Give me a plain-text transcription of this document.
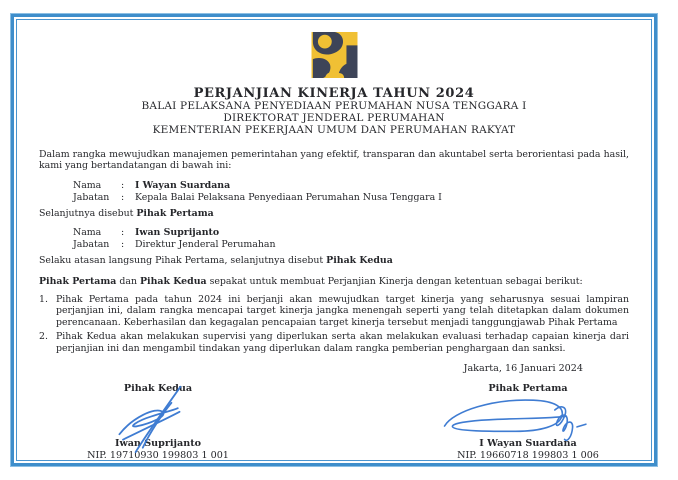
PERJANJIAN KINERJA TAHUN 2024
BALAI PELAKSANA PENYEDIAAN PERUMAHAN NUSA TENGGARA I
DIREKTORAT JENDERAL PERUMAHAN
KEMENTERIAN PEKERJAAN UMUM DAN PERUMAHAN RAKYAT
Dalam rangka mewujudkan manajemen pemerintahan yang efektif, transparan dan akuntabel serta berorientasi pada hasil, kami yang bertandatangan di bawah ini:
Nama	:	I Wayan Suardana
Jabatan	:	Kepala Balai Pelaksana Penyediaan Perumahan Nusa Tenggara I
Selanjutnya disebut Pihak Pertama
Nama	:	Iwan Suprijanto
Jabatan	:	Direktur Jenderal Perumahan
Selaku atasan langsung Pihak Pertama, selanjutnya disebut Pihak Kedua
Pihak Pertama dan Pihak Kedua sepakat untuk membuat Perjanjian Kinerja dengan ketentuan sebagai berikut:
1. Pihak Pertama pada tahun 2024 ini berjanji akan mewujudkan target kinerja yang seharusnya sesuai lampiran perjanjian ini, dalam rangka mencapai target kinerja jangka menengah seperti yang telah ditetapkan dalam dokumen perencanaan. Keberhasilan dan kegagalan pencapaian target kinerja tersebut menjadi tanggungjawab Pihak Pertama
2. Pihak Kedua akan melakukan supervisi yang diperlukan serta akan melakukan evaluasi terhadap capaian kinerja dari perjanjian ini dan mengambil tindakan yang diperlukan dalam rangka pemberian penghargaan dan sanksi.
Jakarta, 16 Januari 2024
Pihak Kedua
Iwan Suprijanto
NIP. 19710930 199803 1 001
Pihak Pertama
I Wayan Suardana
NIP. 19660718 199803 1 006
